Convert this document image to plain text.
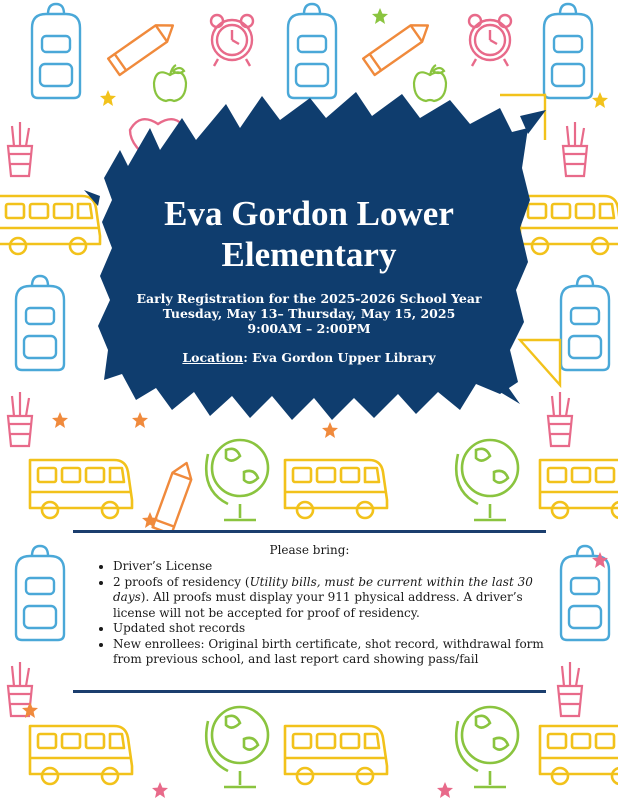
Eva Gordon Lower
Elementary
Early Registration for the 2025-2026 School Year
Tuesday, May 13– Thursday, May 15, 2025
9:00AM – 2:00PM
Location: Eva Gordon Upper Library
Please bring:
• Driver’s License
• 2 proofs of residency (Utility bills, must be current within the last 30 days). All proofs must display your 911 physical address. A driver’s license will not be accepted for proof of residency.
• Updated shot records
• New enrollees: Original birth certificate, shot record, withdrawal form from previous school, and last report card showing pass/fail
